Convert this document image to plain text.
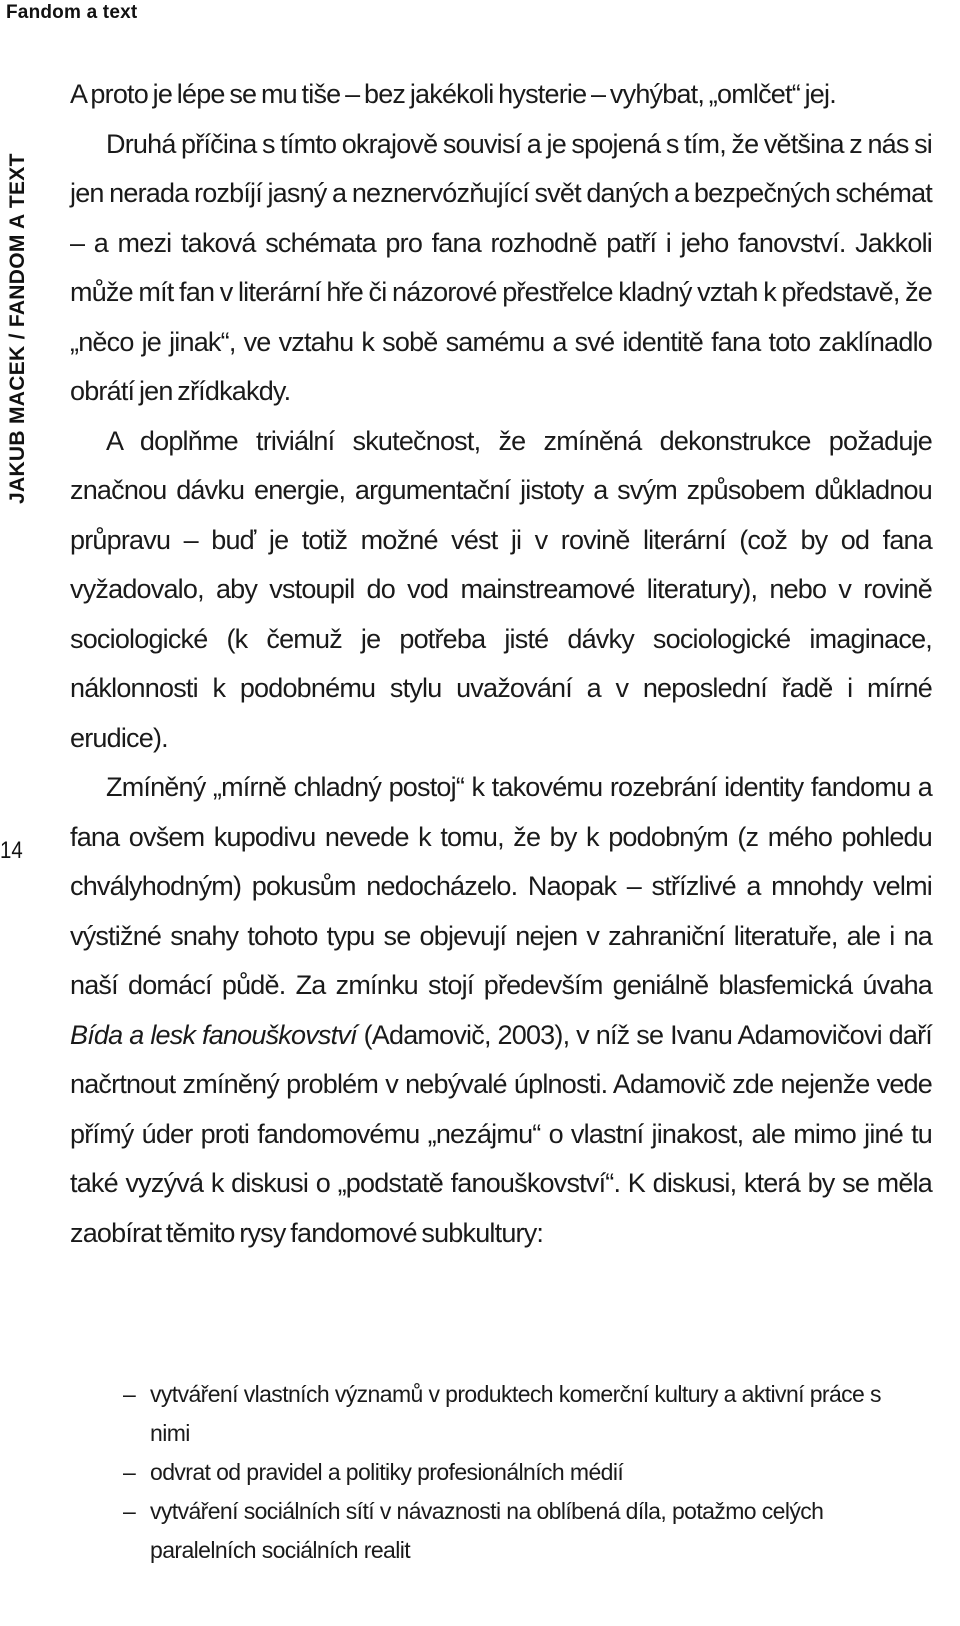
Fandom a text
JAKUB MACEK / FANDOM A TEXT
14

A proto je lépe se mu tiše – bez jakékoli hysterie – vyhýbat, „omlčet“ jej.

Druhá příčina s tímto okrajově souvisí a je spojená s tím, že většina z nás si jen nerada rozbíjí jasný a neznervózňující svět daných a bezpečných schémat – a mezi taková schémata pro fana rozhodně patří i jeho fanovství. Jakkoli může mít fan v literární hře či názorové přestřelce kladný vztah k představě, že „něco je jinak“, ve vztahu k sobě samému a své identitě fana toto zaklínadlo obrátí jen zřídkakdy.

A doplňme triviální skutečnost, že zmíněná dekonstrukce požaduje značnou dávku energie, argumentační jistoty a svým způsobem důkladnou průpravu – buď je totiž možné vést ji v rovině literární (což by od fana vyžadovalo, aby vstoupil do vod mainstreamové literatury), nebo v rovině sociologické (k čemuž je potřeba jisté dávky sociologické imaginace, náklonnosti k podobnému stylu uvažování a v neposlední řadě i mírné erudice).

Zmíněný „mírně chladný postoj“ k takovému rozebrání identity fandomu a fana ovšem kupodivu nevede k tomu, že by k podobným (z mého pohledu chvályhodným) pokusům nedocházelo. Naopak – střízlivé a mnohdy velmi výstižné snahy tohoto typu se objevují nejen v zahraniční literatuře, ale i na naší domácí půdě. Za zmínku stojí především geniálně blasfemická úvaha Bída a lesk fanouškovství (Adamovič, 2003), v níž se Ivanu Adamovičovi daří načrtnout zmíněný problém v nebývalé úplnosti. Adamovič zde nejenže vede přímý úder proti fandomovému „nezájmu“ o vlastní jinakost, ale mimo jiné tu také vyzývá k diskusi o „podstatě fanouškovství“. K diskusi, která by se měla zaobírat těmito rysy fandomové subkultury:

– vytváření vlastních významů v produktech komerční kultury a aktivní práce s nimi
– odvrat od pravidel a politiky profesionálních médií
– vytváření sociálních sítí v návaznosti na oblíbená díla, potažmo celých paralelních sociálních realit
